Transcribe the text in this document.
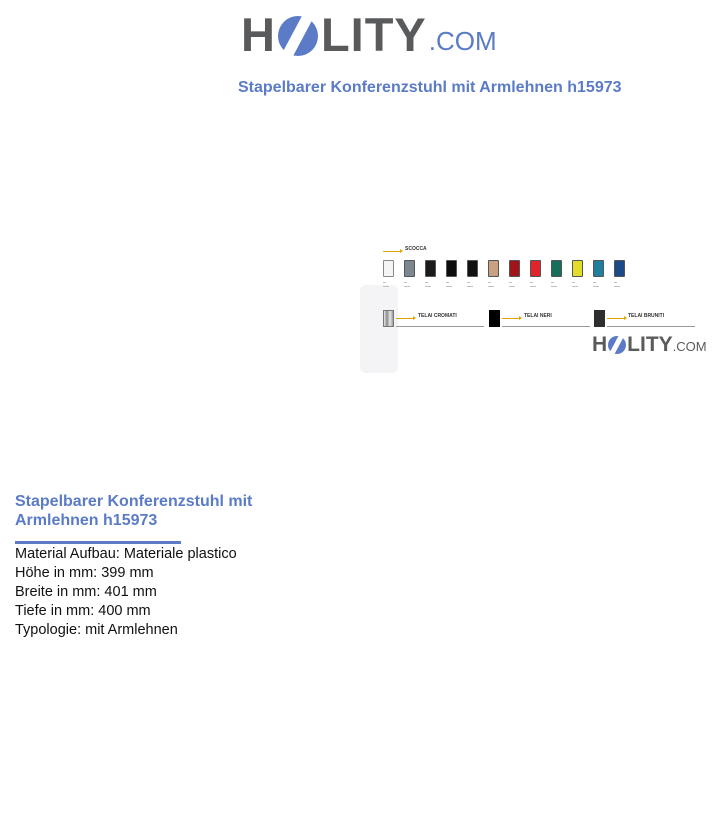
H LITY .COM
Stapelbarer Konferenzstuhl mit Armlehnen h15973
SCOCCA
▬
▬▬
▬
▬▬
▬
▬▬
▬
▬▬
▬
▬▬
▬
▬▬
▬
▬▬
▬
▬▬
▬
▬▬
▬
▬▬
▬
▬▬
▬
▬▬
TELAI CROMATI	TELAI NERI	TELAI BRUNITI
H LITY .COM
Stapelbarer Konferenzstuhl mit Armlehnen h15973
Material Aufbau: Materiale plastico
Höhe in mm: 399 mm
Breite in mm: 401 mm
Tiefe in mm: 400 mm
Typologie: mit Armlehnen
